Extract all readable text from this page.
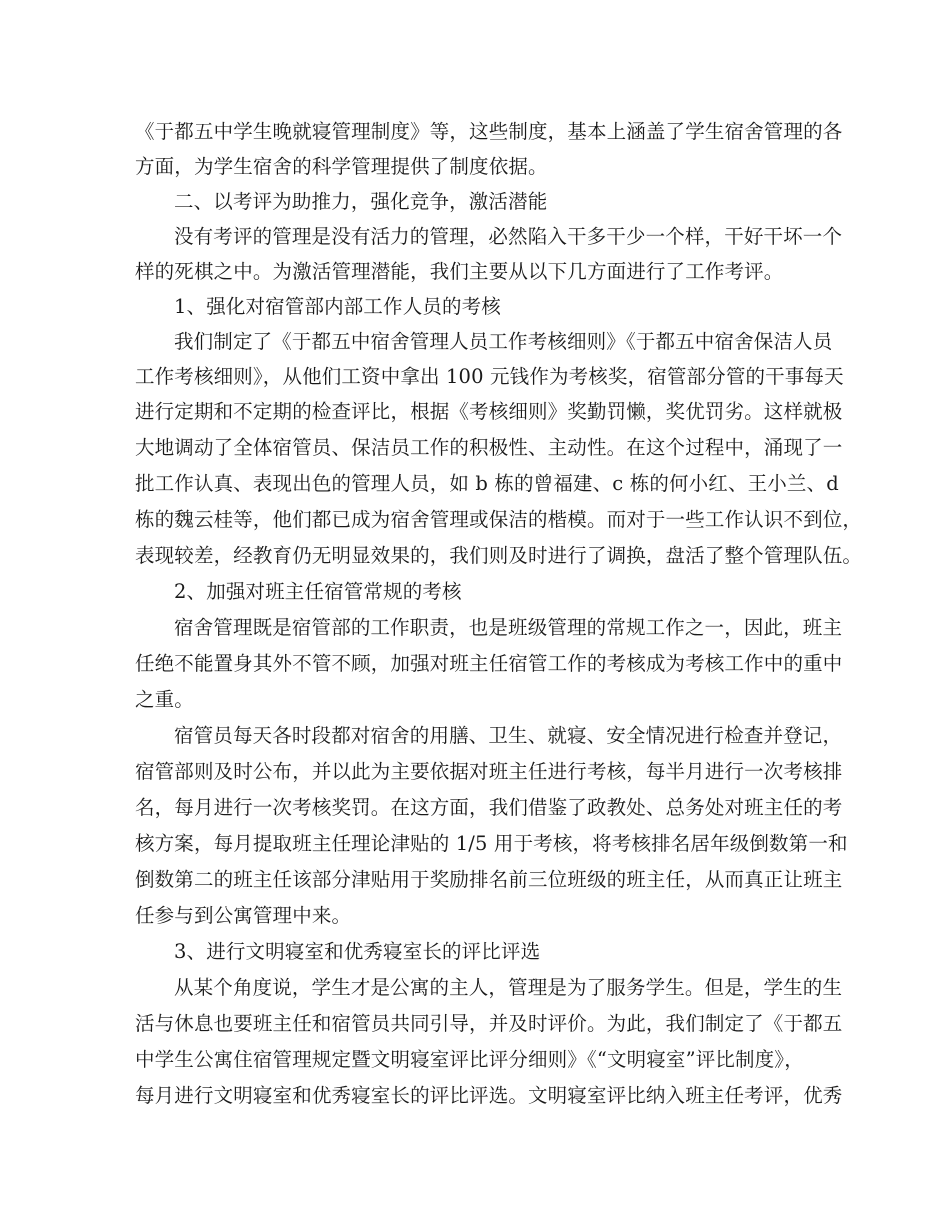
《于都五中学生晚就寝管理制度》等，这些制度，基本上涵盖了学生宿舍管理的各
方面，为学生宿舍的科学管理提供了制度依据。
二、以考评为助推力，强化竞争，激活潜能
没有考评的管理是没有活力的管理，必然陷入干多干少一个样，干好干坏一个
样的死棋之中。为激活管理潜能，我们主要从以下几方面进行了工作考评。
1、强化对宿管部内部工作人员的考核
我们制定了《于都五中宿舍管理人员工作考核细则》《于都五中宿舍保洁人员
工作考核细则》，从他们工资中拿出 100 元钱作为考核奖，宿管部分管的干事每天
进行定期和不定期的检查评比，根据《考核细则》奖勤罚懒，奖优罚劣。这样就极
大地调动了全体宿管员、保洁员工作的积极性、主动性。在这个过程中，涌现了一
批工作认真、表现出色的管理人员，如 b 栋的曾福建、c 栋的何小红、王小兰、d
栋的魏云桂等，他们都已成为宿舍管理或保洁的楷模。而对于一些工作认识不到位，
表现较差，经教育仍无明显效果的，我们则及时进行了调换，盘活了整个管理队伍。
2、加强对班主任宿管常规的考核
宿舍管理既是宿管部的工作职责，也是班级管理的常规工作之一，因此，班主
任绝不能置身其外不管不顾，加强对班主任宿管工作的考核成为考核工作中的重中
之重。
宿管员每天各时段都对宿舍的用膳、卫生、就寝、安全情况进行检查并登记，
宿管部则及时公布，并以此为主要依据对班主任进行考核，每半月进行一次考核排
名，每月进行一次考核奖罚。在这方面，我们借鉴了政教处、总务处对班主任的考
核方案，每月提取班主任理论津贴的 1/5 用于考核，将考核排名居年级倒数第一和
倒数第二的班主任该部分津贴用于奖励排名前三位班级的班主任，从而真正让班主
任参与到公寓管理中来。
3、进行文明寝室和优秀寝室长的评比评选
从某个角度说，学生才是公寓的主人，管理是为了服务学生。但是，学生的生
活与休息也要班主任和宿管员共同引导，并及时评价。为此，我们制定了《于都五
中学生公寓住宿管理规定暨文明寝室评比评分细则》《“文明寝室”评比制度》，
每月进行文明寝室和优秀寝室长的评比评选。文明寝室评比纳入班主任考评，优秀
